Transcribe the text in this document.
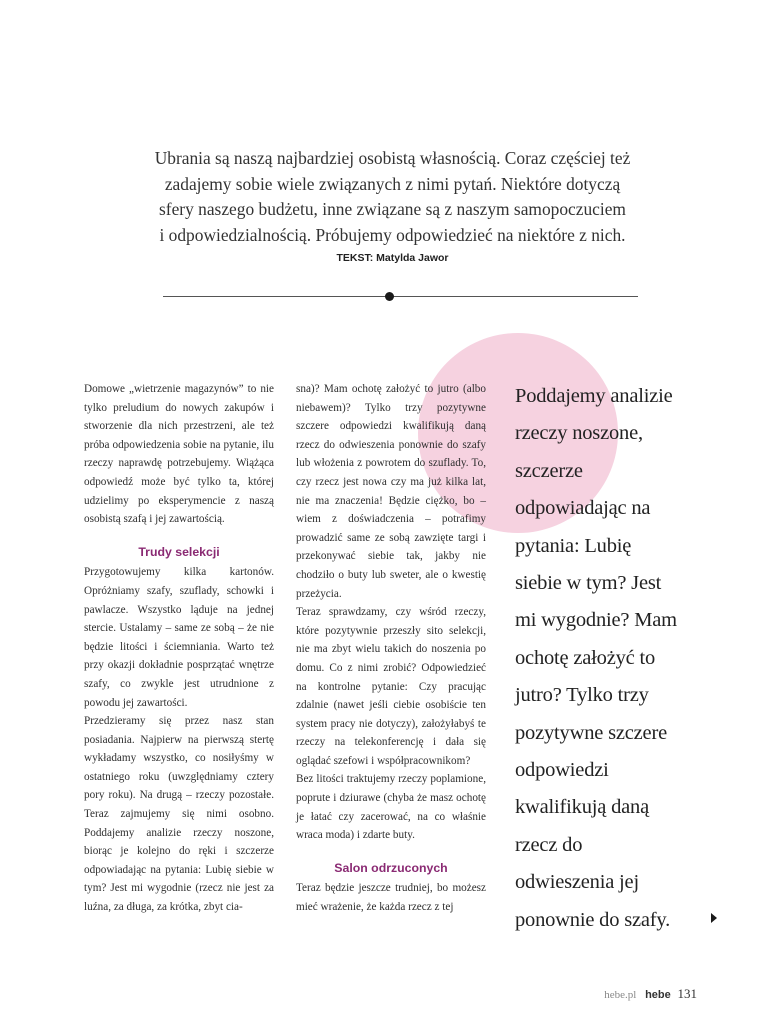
Ubrania są naszą najbardziej osobistą własnością. Coraz częściej też
zadajemy sobie wiele związanych z nimi pytań. Niektóre dotyczą
sfery naszego budżetu, inne związane są z naszym samopoczuciem
i odpowiedzialnością. Próbujemy odpowiedzieć na niektóre z nich.
TEKST: Matylda Jawor

Domowe „wietrzenie magazynów” to nie tylko preludium do nowych zakupów i stworzenie dla nich przestrzeni, ale też próba odpowiedzenia sobie na pytanie, ilu rzeczy naprawdę potrzebujemy. Wiążąca odpowiedź może być tylko ta, której udzielimy po eksperymencie z naszą osobistą szafą i jej zawartością.

Trudy selekcji

Przygotowujemy kilka kartonów. Opróżniamy szafy, szuflady, schowki i pawlacze. Wszystko ląduje na jednej stercie. Ustalamy – same ze sobą – że nie będzie litości i ściemniania. Warto też przy okazji dokładnie posprzątać wnętrze szafy, co zwykle jest utrudnione z powodu jej zawartości.

Przedzieramy się przez nasz stan posiadania. Najpierw na pierwszą stertę wykładamy wszystko, co nosiłyśmy w ostatniego roku (uwzględniamy cztery pory roku). Na drugą – rzeczy pozostałe. Teraz zajmujemy się nimi osobno. Poddajemy analizie rzeczy noszone, biorąc je kolejno do ręki i szczerze odpowiadając na pytania: Lubię siebie w tym? Jest mi wygodnie (rzecz nie jest za luźna, za długa, za krótka, zbyt cia-

sna)? Mam ochotę założyć to jutro (albo niebawem)? Tylko trzy pozytywne szczere odpowiedzi kwalifikują daną rzecz do odwieszenia ponownie do szafy lub włożenia z powrotem do szuflady. To, czy rzecz jest nowa czy ma już kilka lat, nie ma znaczenia! Będzie ciężko, bo – wiem z doświadczenia – potrafimy prowadzić same ze sobą zawzięte targi i przekonywać siebie tak, jakby nie chodziło o buty lub sweter, ale o kwestię przeżycia.

Teraz sprawdzamy, czy wśród rzeczy, które pozytywnie przeszły sito selekcji, nie ma zbyt wielu takich do noszenia po domu. Co z nimi zrobić? Odpowiedzieć na kontrolne pytanie: Czy pracując zdalnie (nawet jeśli ciebie osobiście ten system pracy nie dotyczy), założyłabyś te rzeczy na telekonferencję i dała się oglądać szefowi i współpracownikom?

Bez litości traktujemy rzeczy poplamione, poprute i dziurawe (chyba że masz ochotę je łatać czy zacerować, na co właśnie wraca moda) i zdarte buty.

Salon odrzuconych

Teraz będzie jeszcze trudniej, bo możesz mieć wrażenie, że każda rzecz z tej

Poddajemy analizie
rzeczy noszone,
szczerze
odpowiadając na
pytania: Lubię
siebie w tym? Jest
mi wygodnie? Mam
ochotę założyć to
jutro? Tylko trzy
pozytywne szczere
odpowiedzi
kwalifikują daną
rzecz do
odwieszenia jej
ponownie do szafy.
hebe.pl hebe 131
